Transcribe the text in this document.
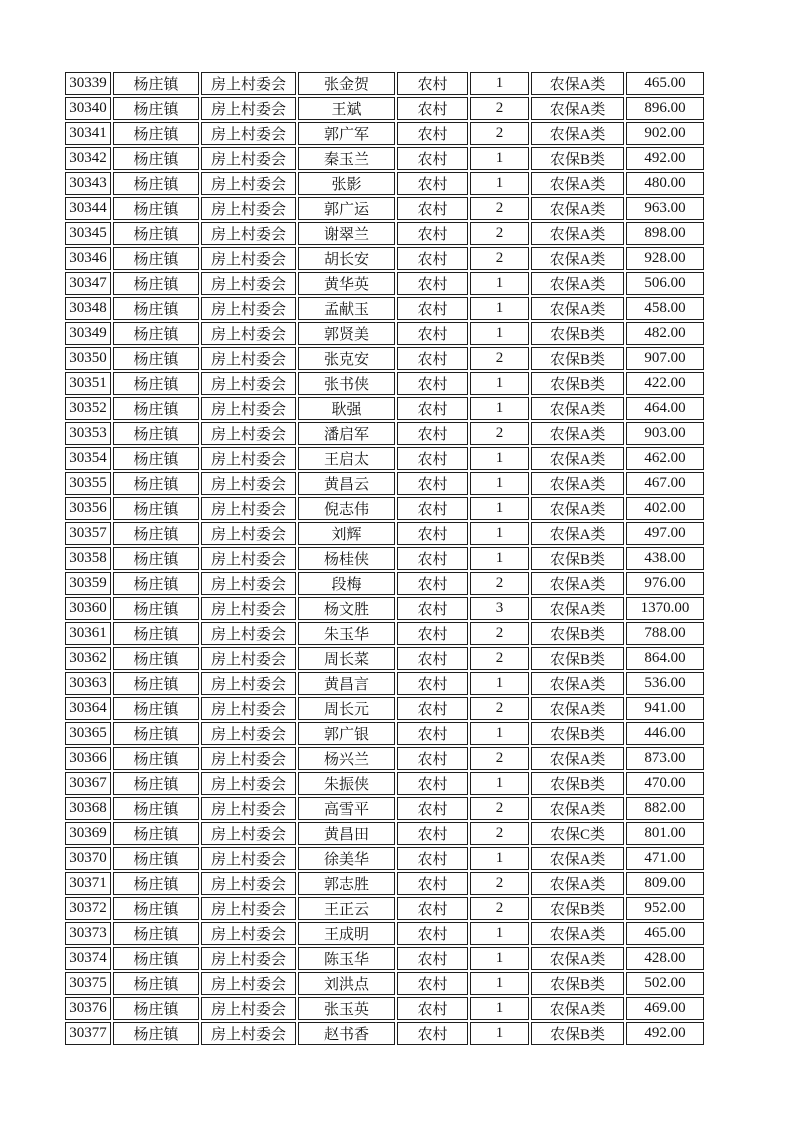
30339	杨庄镇	房上村委会	张金贺	农村	1	农保A类	465.00
30340	杨庄镇	房上村委会	王斌	农村	2	农保A类	896.00
30341	杨庄镇	房上村委会	郭广军	农村	2	农保A类	902.00
30342	杨庄镇	房上村委会	秦玉兰	农村	1	农保B类	492.00
30343	杨庄镇	房上村委会	张影	农村	1	农保A类	480.00
30344	杨庄镇	房上村委会	郭广运	农村	2	农保A类	963.00
30345	杨庄镇	房上村委会	谢翠兰	农村	2	农保A类	898.00
30346	杨庄镇	房上村委会	胡长安	农村	2	农保A类	928.00
30347	杨庄镇	房上村委会	黄华英	农村	1	农保A类	506.00
30348	杨庄镇	房上村委会	孟献玉	农村	1	农保A类	458.00
30349	杨庄镇	房上村委会	郭贤美	农村	1	农保B类	482.00
30350	杨庄镇	房上村委会	张克安	农村	2	农保B类	907.00
30351	杨庄镇	房上村委会	张书侠	农村	1	农保B类	422.00
30352	杨庄镇	房上村委会	耿强	农村	1	农保A类	464.00
30353	杨庄镇	房上村委会	潘启军	农村	2	农保A类	903.00
30354	杨庄镇	房上村委会	王启太	农村	1	农保A类	462.00
30355	杨庄镇	房上村委会	黄昌云	农村	1	农保A类	467.00
30356	杨庄镇	房上村委会	倪志伟	农村	1	农保A类	402.00
30357	杨庄镇	房上村委会	刘辉	农村	1	农保A类	497.00
30358	杨庄镇	房上村委会	杨桂侠	农村	1	农保B类	438.00
30359	杨庄镇	房上村委会	段梅	农村	2	农保A类	976.00
30360	杨庄镇	房上村委会	杨文胜	农村	3	农保A类	1370.00
30361	杨庄镇	房上村委会	朱玉华	农村	2	农保B类	788.00
30362	杨庄镇	房上村委会	周长菜	农村	2	农保B类	864.00
30363	杨庄镇	房上村委会	黄昌言	农村	1	农保A类	536.00
30364	杨庄镇	房上村委会	周长元	农村	2	农保A类	941.00
30365	杨庄镇	房上村委会	郭广银	农村	1	农保B类	446.00
30366	杨庄镇	房上村委会	杨兴兰	农村	2	农保A类	873.00
30367	杨庄镇	房上村委会	朱振侠	农村	1	农保B类	470.00
30368	杨庄镇	房上村委会	高雪平	农村	2	农保A类	882.00
30369	杨庄镇	房上村委会	黄昌田	农村	2	农保C类	801.00
30370	杨庄镇	房上村委会	徐美华	农村	1	农保A类	471.00
30371	杨庄镇	房上村委会	郭志胜	农村	2	农保A类	809.00
30372	杨庄镇	房上村委会	王正云	农村	2	农保B类	952.00
30373	杨庄镇	房上村委会	王成明	农村	1	农保A类	465.00
30374	杨庄镇	房上村委会	陈玉华	农村	1	农保A类	428.00
30375	杨庄镇	房上村委会	刘洪点	农村	1	农保B类	502.00
30376	杨庄镇	房上村委会	张玉英	农村	1	农保A类	469.00
30377	杨庄镇	房上村委会	赵书香	农村	1	农保B类	492.00
